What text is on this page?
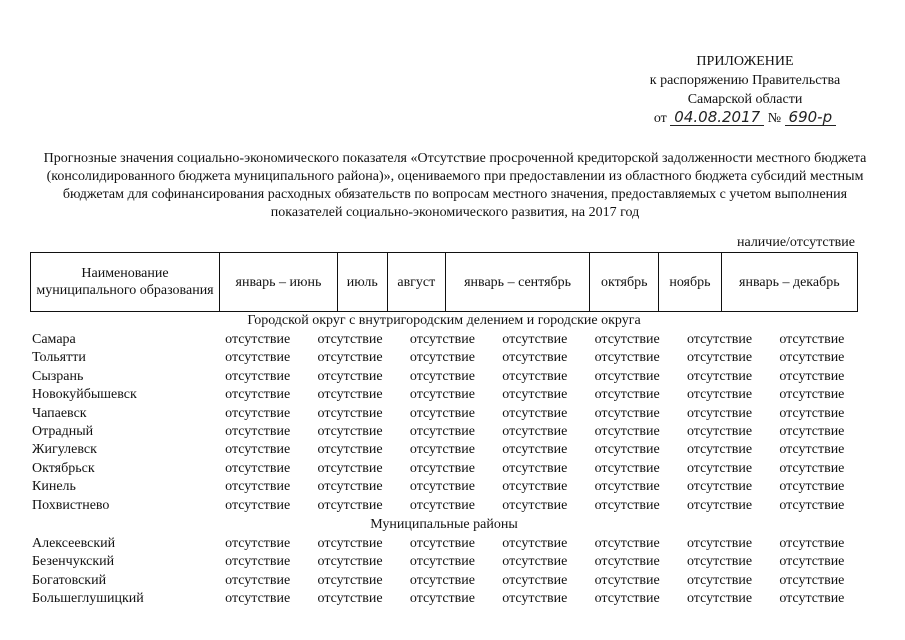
ПРИЛОЖЕНИЕ
к распоряжению Правительства
Самарской области
от 04.08.2017 № 690-р
Прогнозные значения социально-экономического показателя «Отсутствие просроченной кредиторской задолженности местного бюджета (консолидированного бюджета муниципального района)», оцениваемого при предоставлении из областного бюджета субсидий местным бюджетам для софинансирования расходных обязательств по вопросам местного значения, предоставляемых с учетом выполнения показателей социально-экономического развития, на 2017 год
наличие/отсутствие
Наименование муниципального образования	январь – июнь	июль	август	январь – сентябрь	октябрь	ноябрь	январь – декабрь
Городской округ с внутригородским делением и городские округа
Самара	отсутствие	отсутствие	отсутствие	отсутствие	отсутствие	отсутствие	отсутствие
Тольятти	отсутствие	отсутствие	отсутствие	отсутствие	отсутствие	отсутствие	отсутствие
Сызрань	отсутствие	отсутствие	отсутствие	отсутствие	отсутствие	отсутствие	отсутствие
Новокуйбышевск	отсутствие	отсутствие	отсутствие	отсутствие	отсутствие	отсутствие	отсутствие
Чапаевск	отсутствие	отсутствие	отсутствие	отсутствие	отсутствие	отсутствие	отсутствие
Отрадный	отсутствие	отсутствие	отсутствие	отсутствие	отсутствие	отсутствие	отсутствие
Жигулевск	отсутствие	отсутствие	отсутствие	отсутствие	отсутствие	отсутствие	отсутствие
Октябрьск	отсутствие	отсутствие	отсутствие	отсутствие	отсутствие	отсутствие	отсутствие
Кинель	отсутствие	отсутствие	отсутствие	отсутствие	отсутствие	отсутствие	отсутствие
Похвистнево	отсутствие	отсутствие	отсутствие	отсутствие	отсутствие	отсутствие	отсутствие
Муниципальные районы
Алексеевский	отсутствие	отсутствие	отсутствие	отсутствие	отсутствие	отсутствие	отсутствие
Безенчукский	отсутствие	отсутствие	отсутствие	отсутствие	отсутствие	отсутствие	отсутствие
Богатовский	отсутствие	отсутствие	отсутствие	отсутствие	отсутствие	отсутствие	отсутствие
Большеглушицкий	отсутствие	отсутствие	отсутствие	отсутствие	отсутствие	отсутствие	отсутствие
